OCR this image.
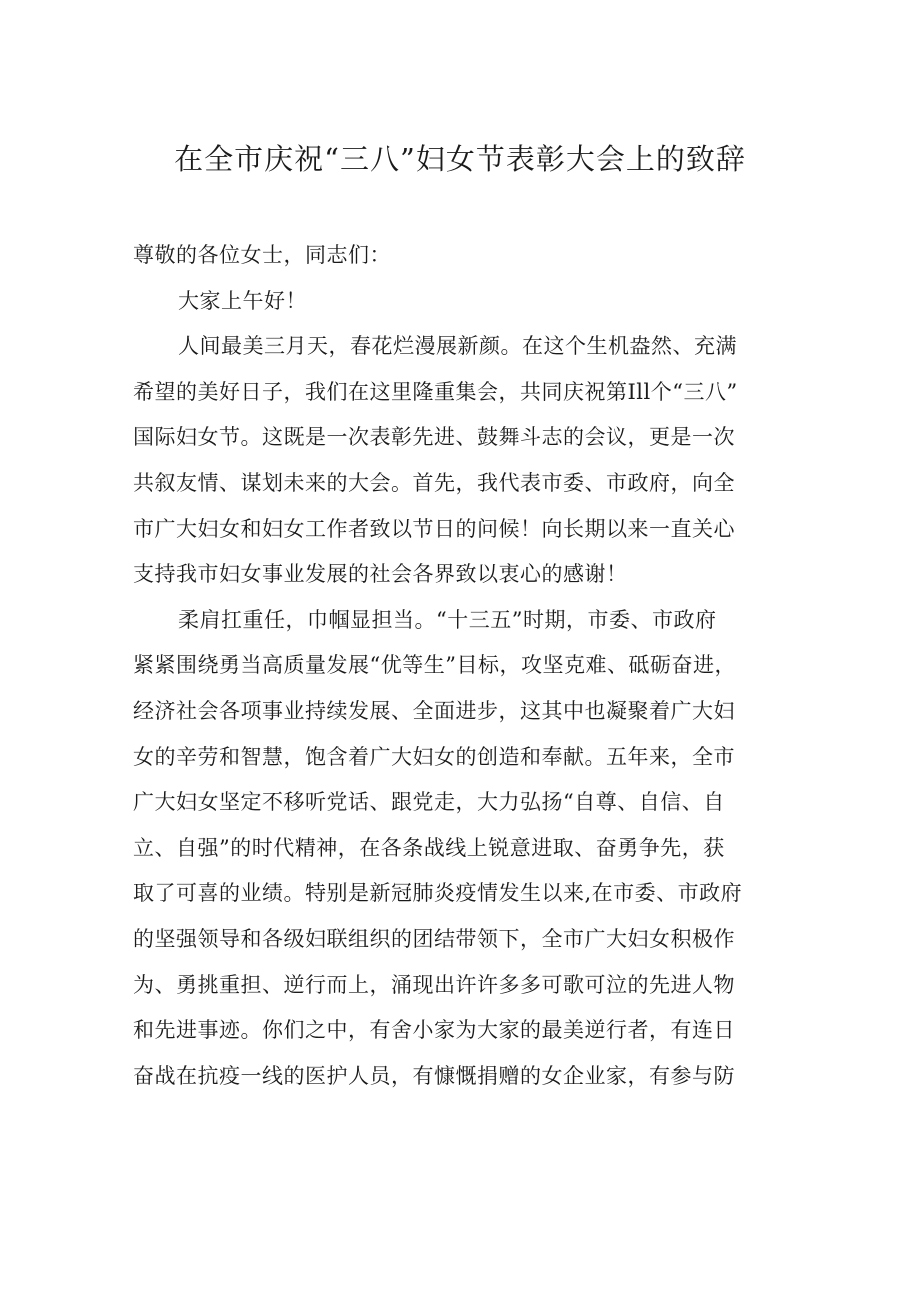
在全市庆祝“三八”妇女节表彰大会上的致辞
尊敬的各位女士，同志们：
大家上午好！
人间最美三月天，春花烂漫展新颜。在这个生机盎然、充满
希望的美好日子，我们在这里隆重集会，共同庆祝第Ill个“三八”
国际妇女节。这既是一次表彰先进、鼓舞斗志的会议，更是一次
共叙友情、谋划未来的大会。首先，我代表市委、市政府，向全
市广大妇女和妇女工作者致以节日的问候！向长期以来一直关心
支持我市妇女事业发展的社会各界致以衷心的感谢！
柔肩扛重任，巾帼显担当。“十三五”时期，市委、市政府
紧紧围绕勇当高质量发展“优等生”目标，攻坚克难、砥砺奋进，
经济社会各项事业持续发展、全面进步，这其中也凝聚着广大妇
女的辛劳和智慧，饱含着广大妇女的创造和奉献。五年来，全市
广大妇女坚定不移听党话、跟党走，大力弘扬“自尊、自信、自
立、自强”的时代精神，在各条战线上锐意进取、奋勇争先，获
取了可喜的业绩。特别是新冠肺炎疫情发生以来,在市委、市政府
的坚强领导和各级妇联组织的团结带领下，全市广大妇女积极作
为、勇挑重担、逆行而上，涌现出许许多多可歌可泣的先进人物
和先进事迹。你们之中，有舍小家为大家的最美逆行者，有连日
奋战在抗疫一线的医护人员，有慷慨捐赠的女企业家，有参与防
